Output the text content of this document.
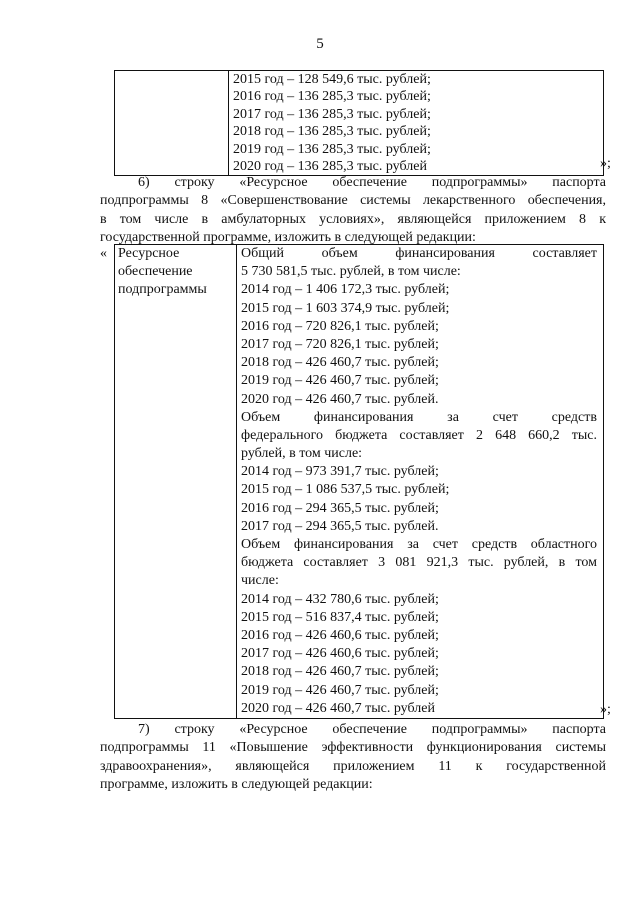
5

2015 год – 128 549,6 тыс. рублей;
2016 год – 136 285,3 тыс. рублей;
2017 год – 136 285,3 тыс. рублей;
2018 год – 136 285,3 тыс. рублей;
2019 год – 136 285,3 тыс. рублей;
2020 год – 136 285,3 тыс. рублей	»;
6) строку «Ресурсное обеспечение подпрограммы» паспорта
подпрограммы 8 «Совершенствование системы лекарственного обеспечения,
в том числе в амбулаторных условиях», являющейся приложением 8 к
государственной программе, изложить в следующей редакции:
« Ресурсное
обеспечение
подпрограммы

Общий объем финансирования составляет
5 730 581,5 тыс. рублей, в том числе:
2014 год – 1 406 172,3 тыс. рублей;
2015 год – 1 603 374,9 тыс. рублей;
2016 год – 720 826,1 тыс. рублей;
2017 год – 720 826,1 тыс. рублей;
2018 год – 426 460,7 тыс. рублей;
2019 год – 426 460,7 тыс. рублей;
2020 год – 426 460,7 тыс. рублей.
Объем финансирования за счет средств
федерального бюджета составляет 2 648 660,2 тыс.
рублей, в том числе:
2014 год – 973 391,7 тыс. рублей;
2015 год – 1 086 537,5 тыс. рублей;
2016 год – 294 365,5 тыс. рублей;
2017 год – 294 365,5 тыс. рублей.
Объем финансирования за счет средств областного
бюджета составляет 3 081 921,3 тыс. рублей, в том
числе:
2014 год – 432 780,6 тыс. рублей;
2015 год – 516 837,4 тыс. рублей;
2016 год – 426 460,6 тыс. рублей;
2017 год – 426 460,6 тыс. рублей;
2018 год – 426 460,7 тыс. рублей;
2019 год – 426 460,7 тыс. рублей;
2020 год – 426 460,7 тыс. рублей	»;
7) строку «Ресурсное обеспечение подпрограммы» паспорта
подпрограммы 11 «Повышение эффективности функционирования системы
здравоохранения», являющейся приложением 11 к государственной
программе, изложить в следующей редакции:
